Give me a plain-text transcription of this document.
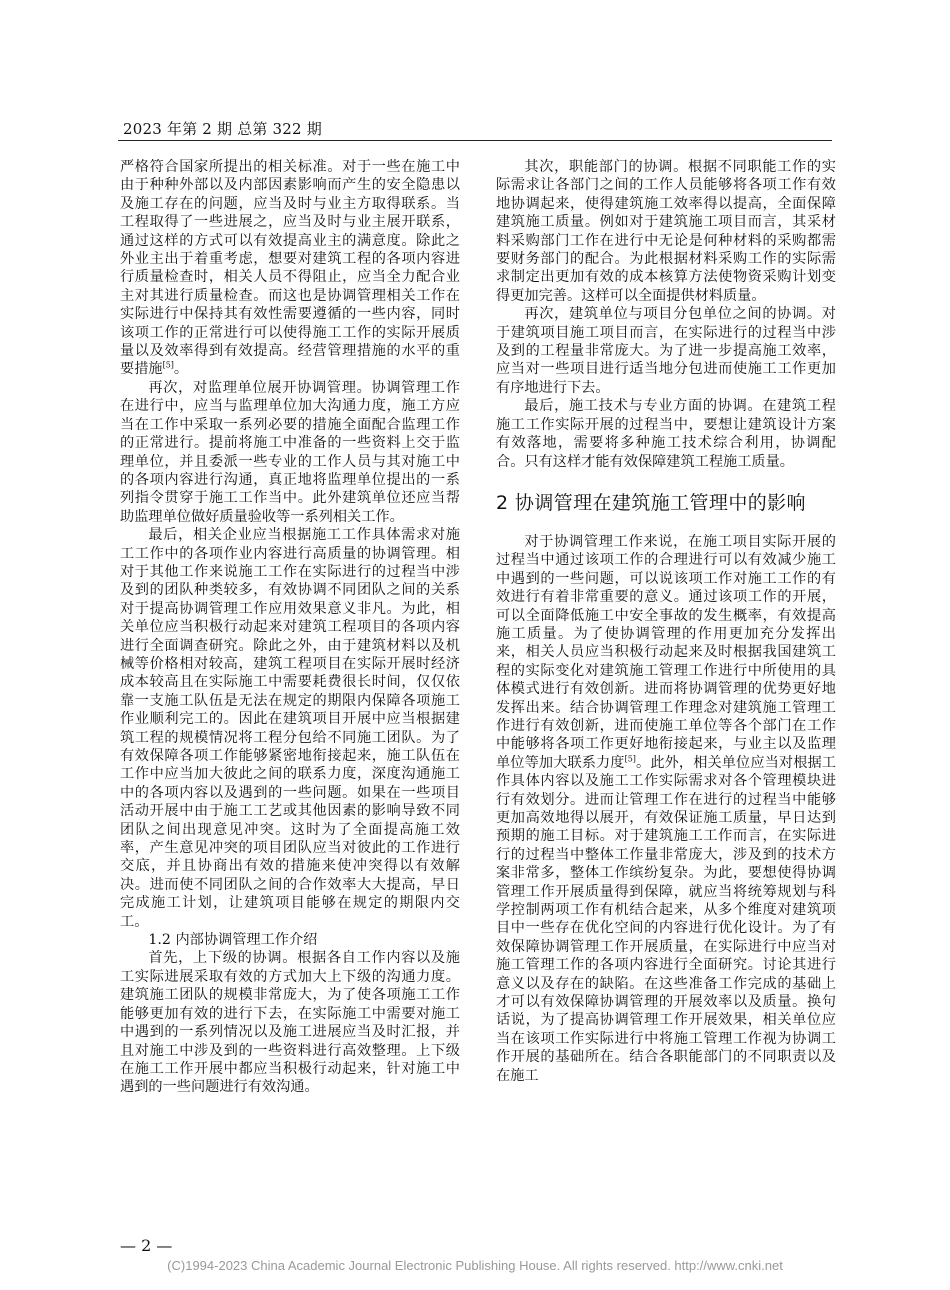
2023 年第 2 期 总第 322 期

严格符合国家所提出的相关标准。对于一些在施工中由于种种外部以及内部因素影响而产生的安全隐患以及施工存在的问题，应当及时与业主方取得联系。当工程取得了一些进展之，应当及时与业主展开联系，通过这样的方式可以有效提高业主的满意度。除此之外业主出于着重考虑，想要对建筑工程的各项内容进行质量检查时，相关人员不得阻止，应当全力配合业主对其进行质量检查。而这也是协调管理相关工作在实际进行中保持其有效性需要遵循的一些内容，同时该项工作的正常进行可以使得施工工作的实际开展质量以及效率得到有效提高。经营管理措施的水平的重要措施[5]。

再次，对监理单位展开协调管理。协调管理工作在进行中，应当与监理单位加大沟通力度，施工方应当在工作中采取一系列必要的措施全面配合监理工作的正常进行。提前将施工中准备的一些资料上交于监理单位，并且委派一些专业的工作人员与其对施工中的各项内容进行沟通，真正地将监理单位提出的一系列指令贯穿于施工工作当中。此外建筑单位还应当帮助监理单位做好质量验收等一系列相关工作。

最后，相关企业应当根据施工工作具体需求对施工工作中的各项作业内容进行高质量的协调管理。相对于其他工作来说施工工作在实际进行的过程当中涉及到的团队种类较多，有效协调不同团队之间的关系对于提高协调管理工作应用效果意义非凡。为此，相关单位应当积极行动起来对建筑工程项目的各项内容进行全面调查研究。除此之外，由于建筑材料以及机械等价格相对较高，建筑工程项目在实际开展时经济成本较高且在实际施工中需要耗费很长时间，仅仅依靠一支施工队伍是无法在规定的期限内保障各项施工作业顺利完工的。因此在建筑项目开展中应当根据建筑工程的规模情况将工程分包给不同施工团队。为了有效保障各项工作能够紧密地衔接起来，施工队伍在工作中应当加大彼此之间的联系力度，深度沟通施工中的各项内容以及遇到的一些问题。如果在一些项目活动开展中由于施工工艺或其他因素的影响导致不同团队之间出现意见冲突。这时为了全面提高施工效率，产生意见冲突的项目团队应当对彼此的工作进行交底，并且协商出有效的措施来使冲突得以有效解决。进而使不同团队之间的合作效率大大提高，早日完成施工计划，让建筑项目能够在规定的期限内交工。

1.2 内部协调管理工作介绍

首先，上下级的协调。根据各自工作内容以及施工实际进展采取有效的方式加大上下级的沟通力度。建筑施工团队的规模非常庞大，为了使各项施工工作能够更加有效的进行下去，在实际施工中需要对施工中遇到的一系列情况以及施工进展应当及时汇报，并且对施工中涉及到的一些资料进行高效整理。上下级在施工工作开展中都应当积极行动起来，针对施工中遇到的一些问题进行有效沟通。

其次，职能部门的协调。根据不同职能工作的实际需求让各部门之间的工作人员能够将各项工作有效地协调起来，使得建筑施工效率得以提高，全面保障建筑施工质量。例如对于建筑施工项目而言，其采材料采购部门工作在进行中无论是何种材料的采购都需要财务部门的配合。为此根据材料采购工作的实际需求制定出更加有效的成本核算方法使物资采购计划变得更加完善。这样可以全面提供材料质量。

再次，建筑单位与项目分包单位之间的协调。对于建筑项目施工项目而言，在实际进行的过程当中涉及到的工程量非常庞大。为了进一步提高施工效率，应当对一些项目进行适当地分包进而使施工工作更加有序地进行下去。

最后，施工技术与专业方面的协调。在建筑工程施工工作实际开展的过程当中，要想让建筑设计方案有效落地，需要将多种施工技术综合利用，协调配合。只有这样才能有效保障建筑工程施工质量。

2 协调管理在建筑施工管理中的影响

对于协调管理工作来说，在施工项目实际开展的过程当中通过该项工作的合理进行可以有效减少施工中遇到的一些问题，可以说该项工作对施工工作的有效进行有着非常重要的意义。通过该项工作的开展，可以全面降低施工中安全事故的发生概率，有效提高施工质量。为了使协调管理的作用更加充分发挥出来，相关人员应当积极行动起来及时根据我国建筑工程的实际变化对建筑施工管理工作进行中所使用的具体模式进行有效创新。进而将协调管理的优势更好地发挥出来。结合协调管理工作理念对建筑施工管理工作进行有效创新，进而使施工单位等各个部门在工作中能够将各项工作更好地衔接起来，与业主以及监理单位等加大联系力度[5]。此外，相关单位应当对根据工作具体内容以及施工工作实际需求对各个管理模块进行有效划分。进而让管理工作在进行的过程当中能够更加高效地得以展开，有效保证施工质量，早日达到预期的施工目标。对于建筑施工工作而言，在实际进行的过程当中整体工作量非常庞大，涉及到的技术方案非常多，整体工作缤纷复杂。为此，要想使得协调管理工作开展质量得到保障，就应当将统筹规划与科学控制两项工作有机结合起来，从多个维度对建筑项目中一些存在优化空间的内容进行优化设计。为了有效保障协调管理工作开展质量，在实际进行中应当对施工管理工作的各项内容进行全面研究。讨论其进行意义以及存在的缺陷。在这些准备工作完成的基础上才可以有效保障协调管理的开展效率以及质量。换句话说，为了提高协调管理工作开展效果，相关单位应当在该项工作实际进行中将施工管理工作视为协调工作开展的基础所在。结合各职能部门的不同职责以及在施工

— 2 —
(C)1994-2023 China Academic Journal Electronic Publishing House. All rights reserved. http://www.cnki.net
